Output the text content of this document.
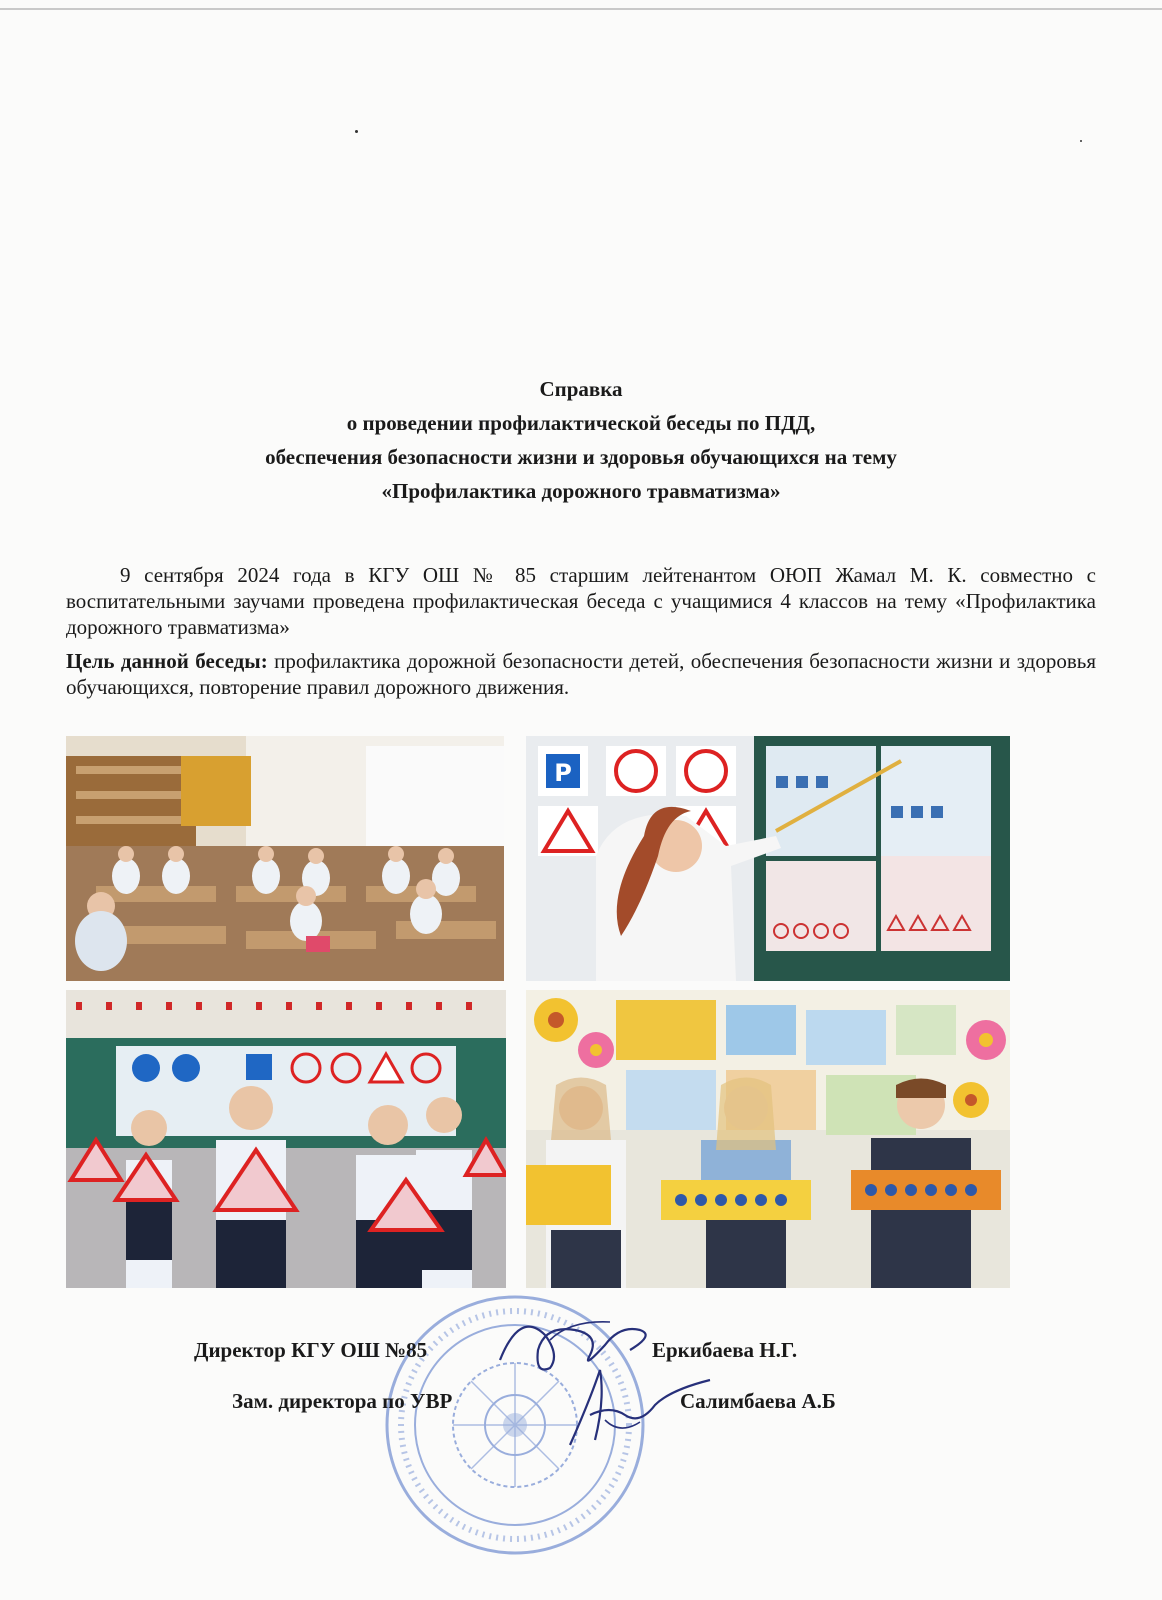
Справка
о проведении профилактической беседы по ПДД,
обеспечения безопасности жизни и здоровья обучающихся на тему
«Профилактика дорожного травматизма»

9 сентября 2024 года в КГУ ОШ № 85 старшим лейтенантом ОЮП Жамал М. К. совместно с воспитательными заучами проведена профилактическая беседа с учащимися 4 классов на тему «Профилактика дорожного травматизма»

Цель данной беседы: профилактика дорожной безопасности детей, обеспечения безопасности жизни и здоровья обучающихся, повторение правил дорожного движения.

P
Директор КГУ ОШ №85	Еркибаева Н.Г.
Зам. директора по УВР	Салимбаева А.Б
